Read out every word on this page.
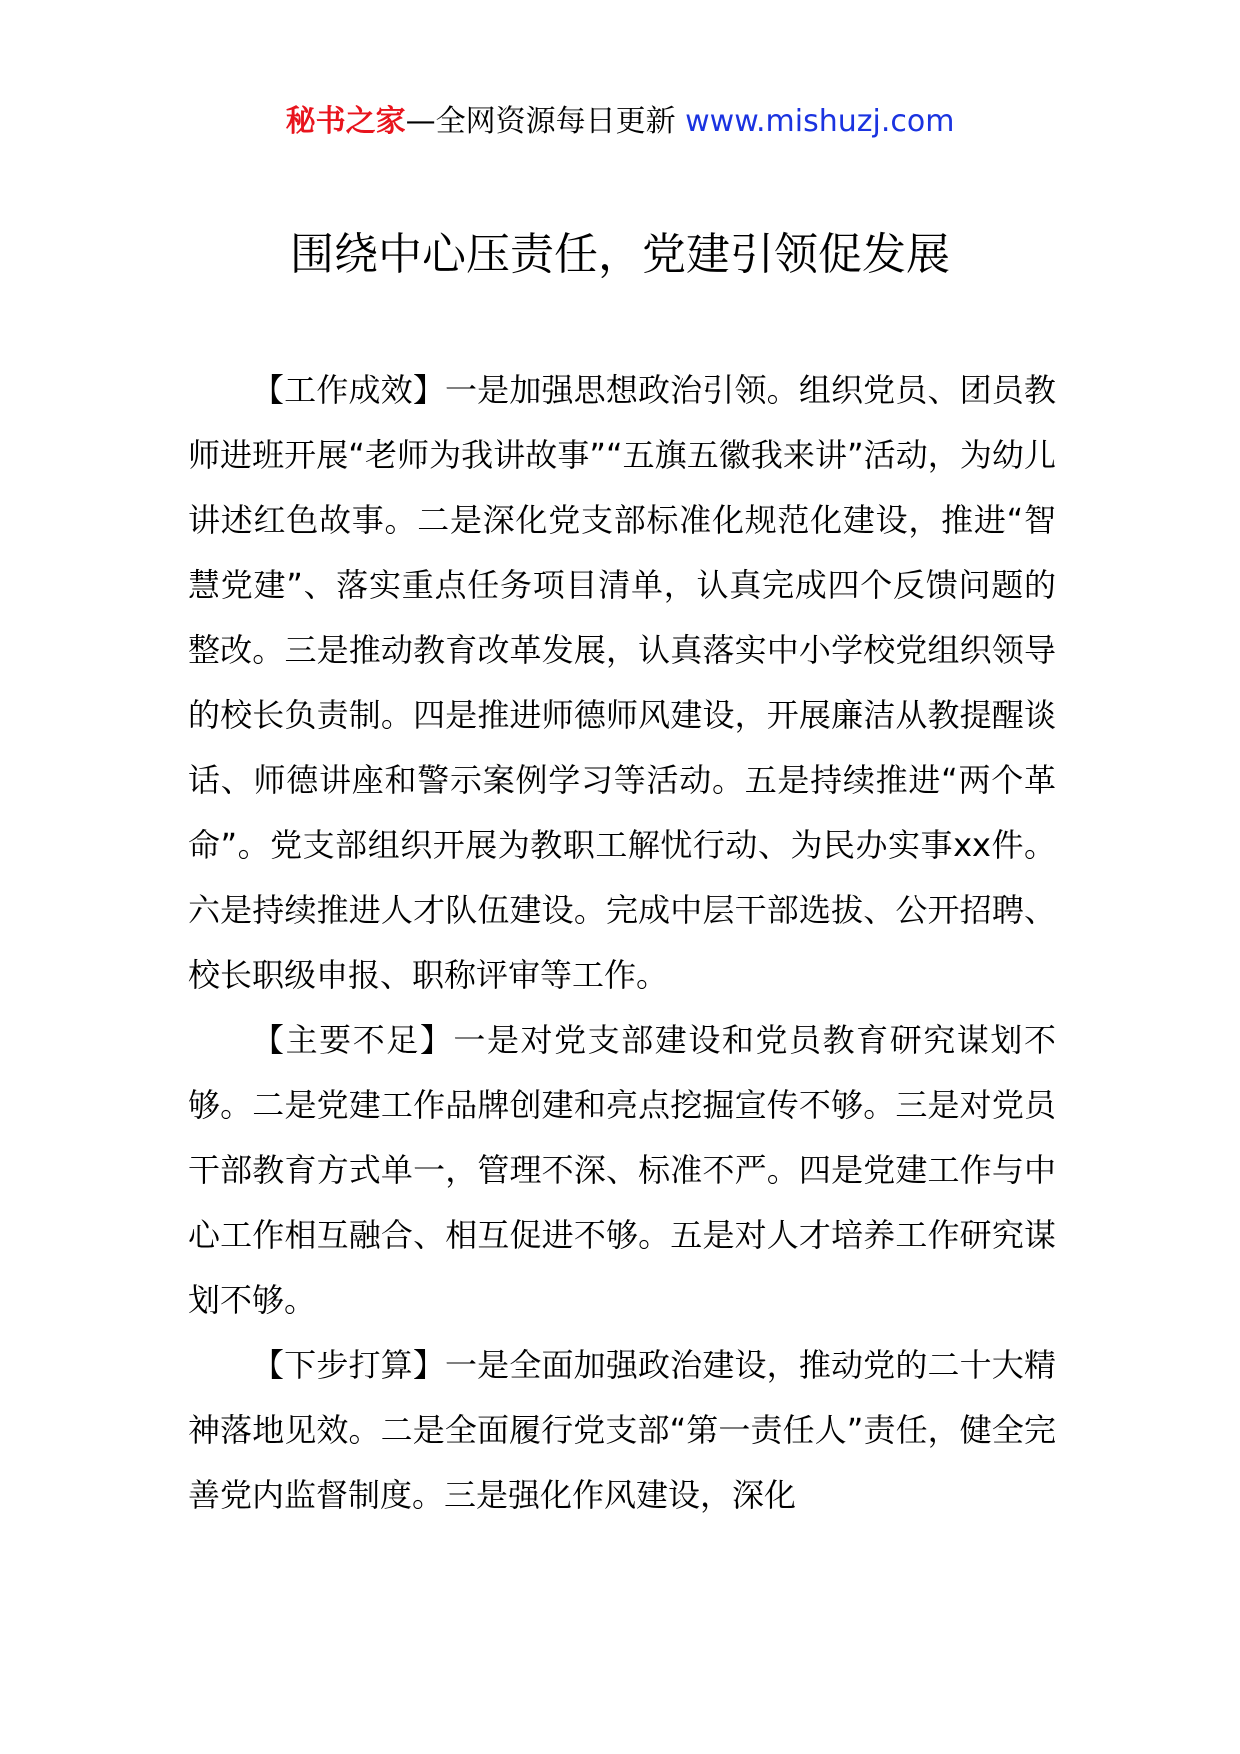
秘书之家—全网资源每日更新 www.mishuzj.com
围绕中心压责任，党建引领促发展

【工作成效】一是加强思想政治引领。组织党员、团员教师进班开展“老师为我讲故事”“五旗五徽我来讲”活动，为幼儿讲述红色故事。二是深化党支部标准化规范化建设，推进“智慧党建”、落实重点任务项目清单，认真完成四个反馈问题的整改。三是推动教育改革发展，认真落实中小学校党组织领导的校长负责制。四是推进师德师风建设，开展廉洁从教提醒谈话、师德讲座和警示案例学习等活动。五是持续推进“两个革命”。党支部组织开展为教职工解忧行动、为民办实事xx件。六是持续推进人才队伍建设。完成中层干部选拔、公开招聘、校长职级申报、职称评审等工作。

【主要不足】一是对党支部建设和党员教育研究谋划不够。二是党建工作品牌创建和亮点挖掘宣传不够。三是对党员干部教育方式单一，管理不深、标准不严。四是党建工作与中心工作相互融合、相互促进不够。五是对人才培养工作研究谋划不够。

【下步打算】一是全面加强政治建设，推动党的二十大精神落地见效。二是全面履行党支部“第一责任人”责任，健全完善党内监督制度。三是强化作风建设，深化
